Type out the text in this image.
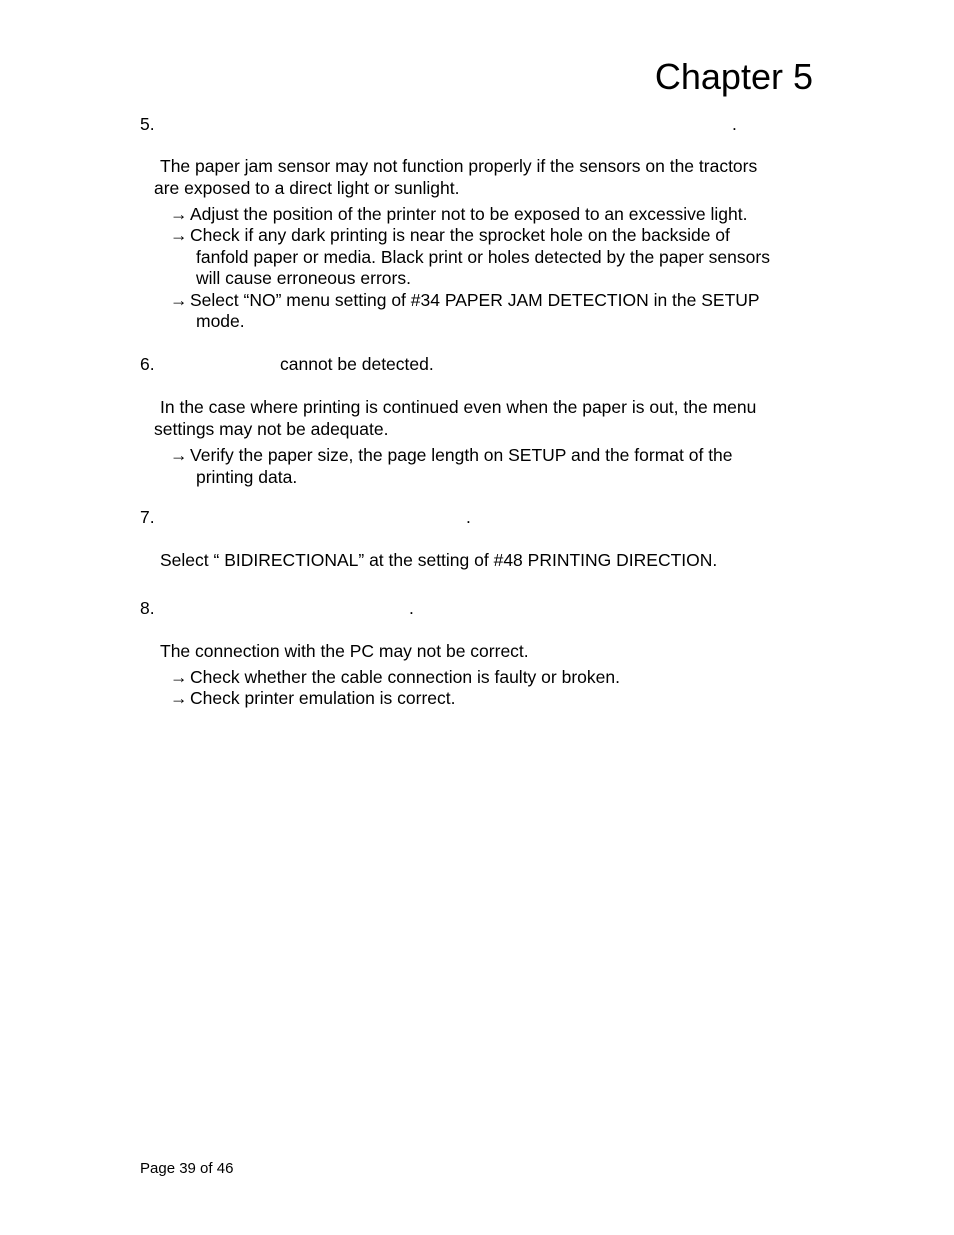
Chapter 5
5.	.
The paper jam sensor may not function properly if the sensors on the tractors
are exposed to a direct light or sunlight.
→ Adjust the position of the printer not to be exposed to an excessive light.
→ Check if any dark printing is near the sprocket hole on the backside of
fanfold paper or media. Black print or holes detected by the paper sensors
will cause erroneous errors.
→ Select “NO” menu setting of #34 PAPER JAM DETECTION in the SETUP
mode.
6.	cannot be detected.
In the case where printing is continued even when the paper is out, the menu
settings may not be adequate.
→ Verify the paper size, the page length on SETUP and the format of the
printing data.
7.	.
Select “ BIDIRECTIONAL” at the setting of #48 PRINTING DIRECTION.
8.	.
The connection with the PC may not be correct.
→ Check whether the cable connection is faulty or broken.
→ Check printer emulation is correct.
Page 39 of 46
